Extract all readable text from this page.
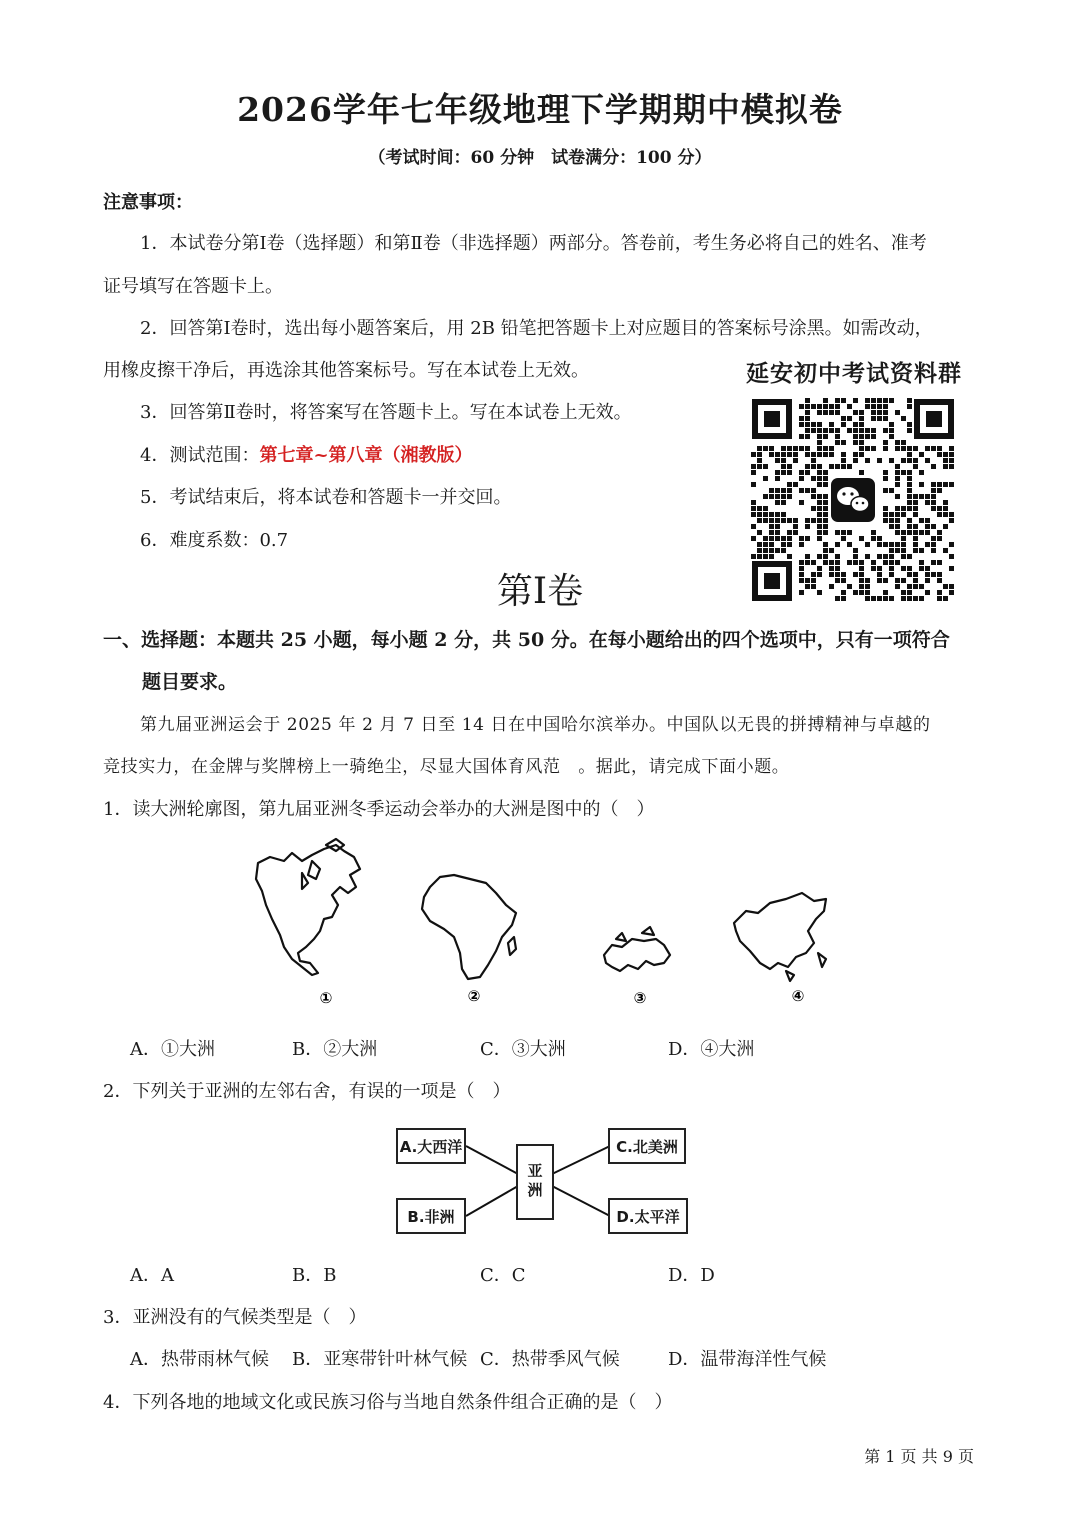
2026学年七年级地理下学期期中模拟卷
（考试时间：60 分钟　试卷满分：100 分）
注意事项：
1．本试卷分第Ⅰ卷（选择题）和第Ⅱ卷（非选择题）两部分。答卷前，考生务必将自己的姓名、准考
证号填写在答题卡上。
2．回答第Ⅰ卷时，选出每小题答案后，用 2B 铅笔把答题卡上对应题目的答案标号涂黑。如需改动，
用橡皮擦干净后，再选涂其他答案标号。写在本试卷上无效。
3．回答第Ⅱ卷时，将答案写在答题卡上。写在本试卷上无效。
4．测试范围：第七章~第八章（湘教版）
5．考试结束后，将本试卷和答题卡一并交回。
6．难度系数：0.7
延安初中考试资料群
第Ⅰ卷
一、选择题：本题共 25 小题，每小题 2 分，共 50 分。在每小题给出的四个选项中，只有一项符合
题目要求。
第九届亚洲运会于 2025 年 2 月 7 日至 14 日在中国哈尔滨举办。中国队以无畏的拼搏精神与卓越的
竞技实力，在金牌与奖牌榜上一骑绝尘，尽显大国体育风范　。据此，请完成下面小题。
1．读大洲轮廓图，第九届亚洲冬季运动会举办的大洲是图中的（　）
①	②	③	④
A．①大洲	B．②大洲	C．③大洲	D．④大洲
2．下列关于亚洲的左邻右舍，有误的一项是（　）
A.大西洋
B.非洲
亚洲
C.北美洲
D.太平洋
A．A	B．B	C．C	D．D
3．亚洲没有的气候类型是（　）
A．热带雨林气候 B．亚寒带针叶林气候 C．热带季风气候	D．温带海洋性气候
4．下列各地的地域文化或民族习俗与当地自然条件组合正确的是（　）
第 1 页 共 9 页
